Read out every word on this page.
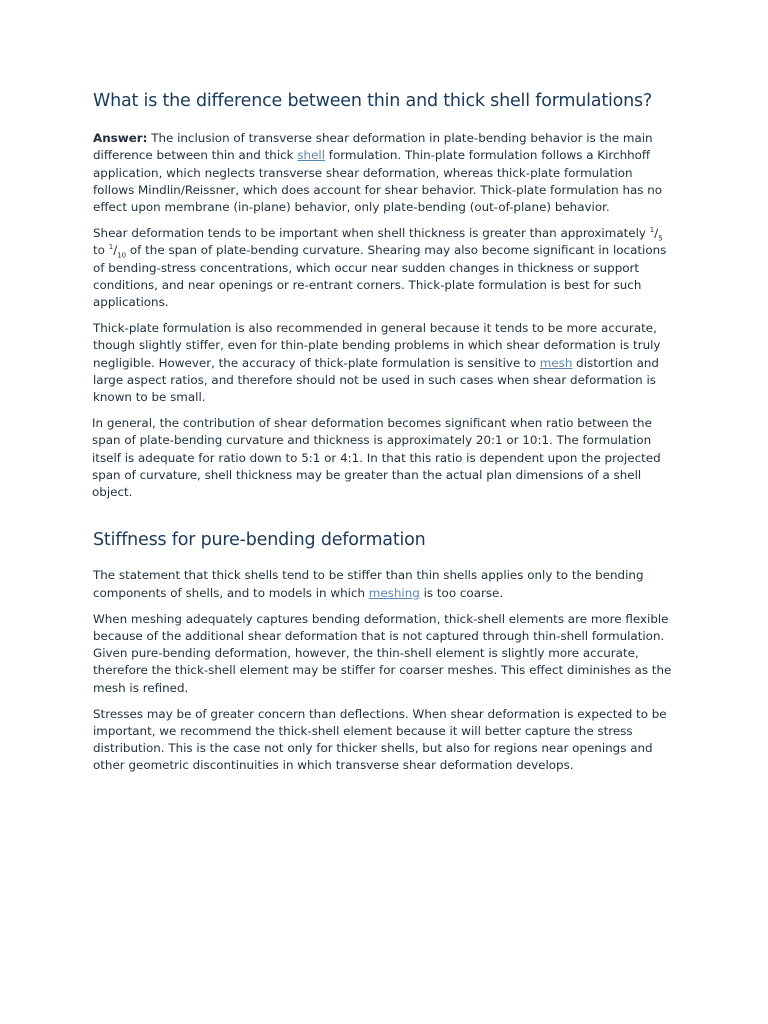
What is the difference between thin and thick shell formulations?

Answer: The inclusion of transverse shear deformation in plate-bending behavior is the main difference between thin and thick shell formulation. Thin-plate formulation follows a Kirchhoff application, which neglects transverse shear deformation, whereas thick-plate formulation follows Mindlin/Reissner, which does account for shear behavior. Thick-plate formulation has no effect upon membrane (in-plane) behavior, only plate-bending (out-of-plane) behavior.

Shear deformation tends to be important when shell thickness is greater than approximately $^1/_5$ to $^1/_{10}$ of the span of plate-bending curvature. Shearing may also become significant in locations of bending-stress concentrations, which occur near sudden changes in thickness or support conditions, and near openings or re-entrant corners. Thick-plate formulation is best for such applications.

Thick-plate formulation is also recommended in general because it tends to be more accurate, though slightly stiffer, even for thin-plate bending problems in which shear deformation is truly negligible. However, the accuracy of thick-plate formulation is sensitive to mesh distortion and large aspect ratios, and therefore should not be used in such cases when shear deformation is known to be small.

In general, the contribution of shear deformation becomes significant when ratio between the span of plate-bending curvature and thickness is approximately 20:1 or 10:1. The formulation itself is adequate for ratio down to 5:1 or 4:1. In that this ratio is dependent upon the projected span of curvature, shell thickness may be greater than the actual plan dimensions of a shell object.

Stiffness for pure-bending deformation

The statement that thick shells tend to be stiffer than thin shells applies only to the bending components of shells, and to models in which meshing is too coarse.

When meshing adequately captures bending deformation, thick-shell elements are more flexible because of the additional shear deformation that is not captured through thin-shell formulation. Given pure-bending deformation, however, the thin-shell element is slightly more accurate, therefore the thick-shell element may be stiffer for coarser meshes. This effect diminishes as the mesh is refined.

Stresses may be of greater concern than deflections. When shear deformation is expected to be important, we recommend the thick-shell element because it will better capture the stress distribution. This is the case not only for thicker shells, but also for regions near openings and other geometric discontinuities in which transverse shear deformation develops.
